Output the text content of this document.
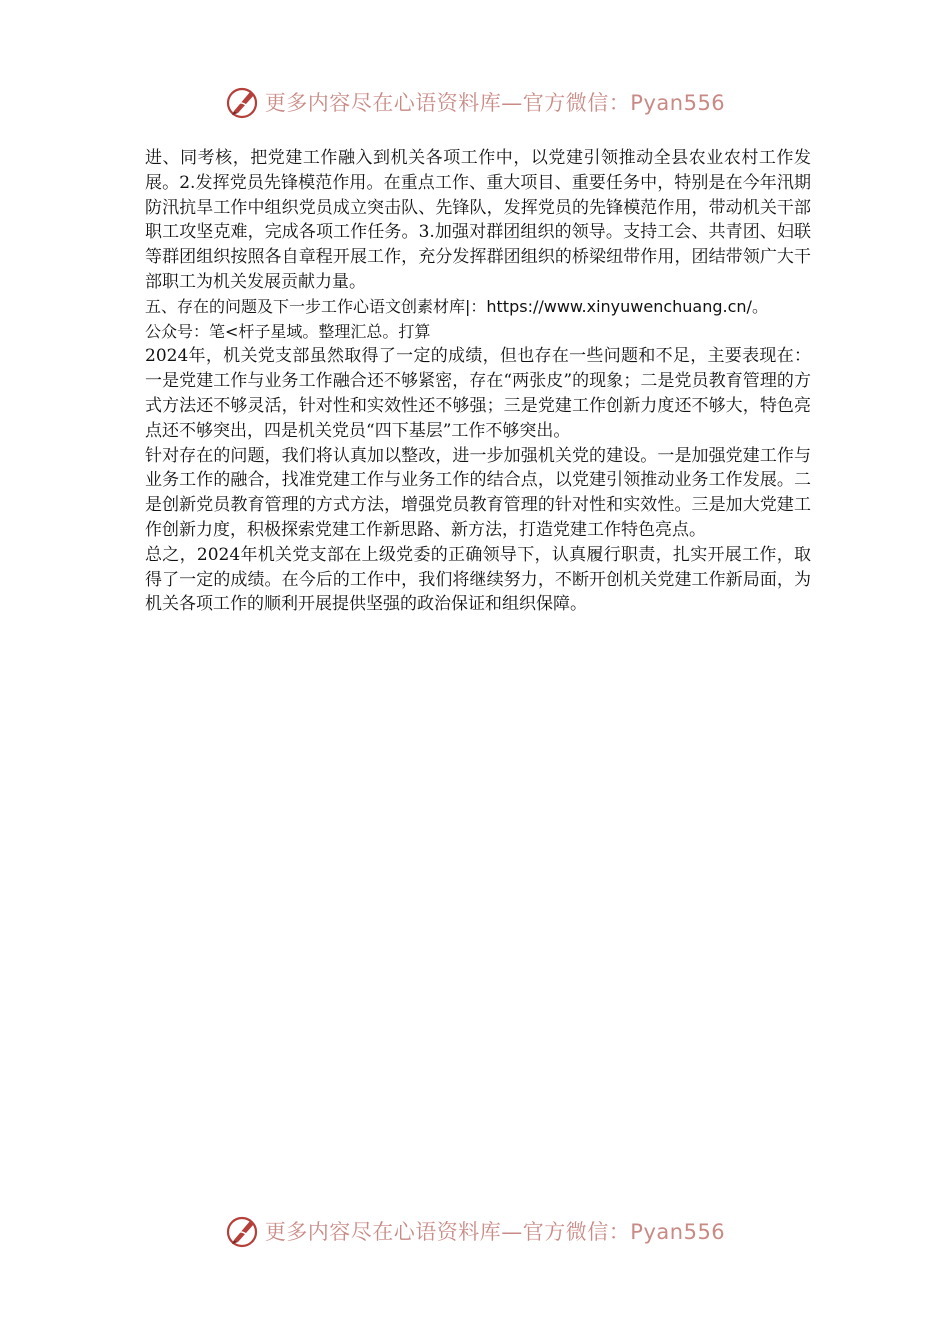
更多内容尽在心语资料库—官方微信：Pyan556

进、同考核，把党建工作融入到机关各项工作中，以党建引领推动全县农业农村工作发展。2.发挥党员先锋模范作用。在重点工作、重大项目、重要任务中，特别是在今年汛期防汛抗旱工作中组织党员成立突击队、先锋队，发挥党员的先锋模范作用，带动机关干部职工攻坚克难，完成各项工作任务。3.加强对群团组织的领导。支持工会、共青团、妇联等群团组织按照各自章程开展工作，充分发挥群团组织的桥梁纽带作用，团结带领广大干部职工为机关发展贡献力量。

五、存在的问题及下一步工作心语文创素材库|：https://www.xinyuwenchuang.cn/。

公众号：笔<杆子星域。整理汇总。打算

2024年，机关党支部虽然取得了一定的成绩，但也存在一些问题和不足，主要表现在：一是党建工作与业务工作融合还不够紧密，存在“两张皮”的现象；二是党员教育管理的方式方法还不够灵活，针对性和实效性还不够强；三是党建工作创新力度还不够大，特色亮点还不够突出，四是机关党员“四下基层”工作不够突出。

针对存在的问题，我们将认真加以整改，进一步加强机关党的建设。一是加强党建工作与业务工作的融合，找准党建工作与业务工作的结合点，以党建引领推动业务工作发展。二是创新党员教育管理的方式方法，增强党员教育管理的针对性和实效性。三是加大党建工作创新力度，积极探索党建工作新思路、新方法，打造党建工作特色亮点。

总之，2024年机关党支部在上级党委的正确领导下，认真履行职责，扎实开展工作，取得了一定的成绩。在今后的工作中，我们将继续努力，不断开创机关党建工作新局面，为机关各项工作的顺利开展提供坚强的政治保证和组织保障。

更多内容尽在心语资料库—官方微信：Pyan556
